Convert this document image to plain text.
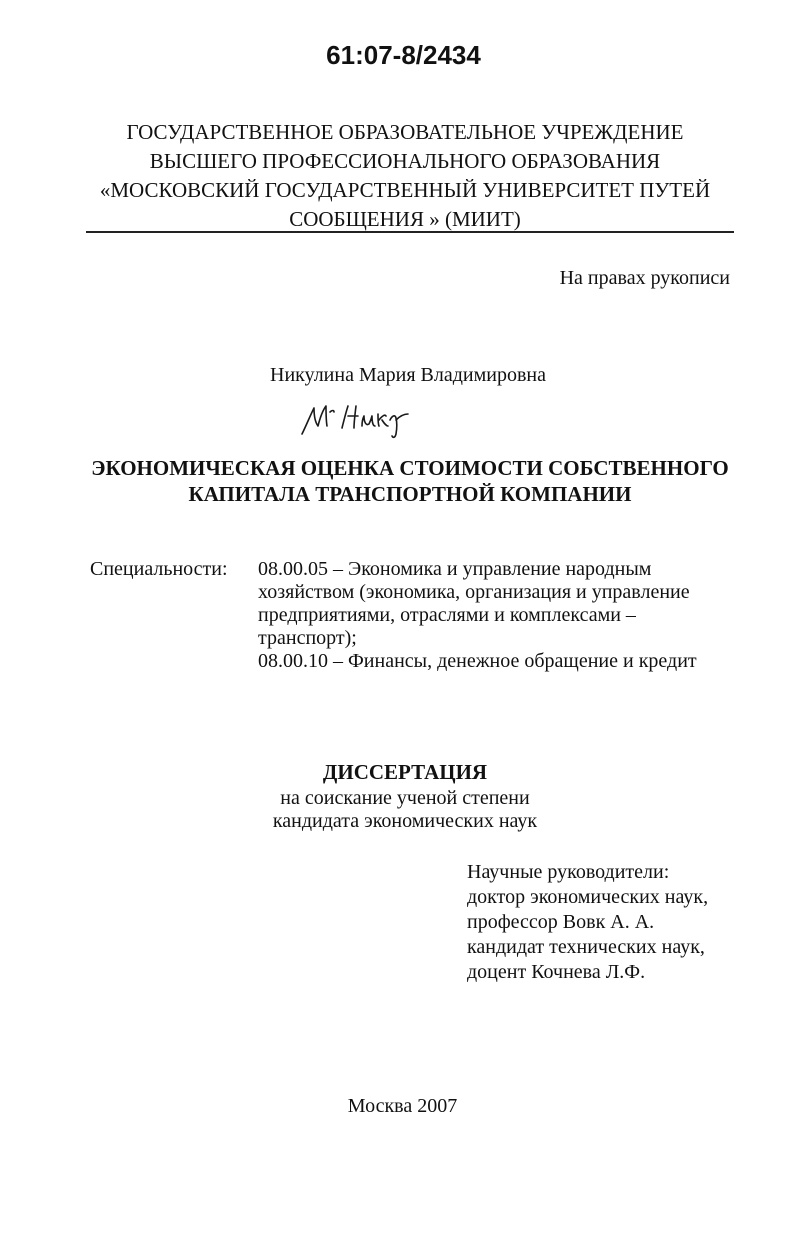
61:07-8/2434
ГОСУДАРСТВЕННОЕ ОБРАЗОВАТЕЛЬНОЕ УЧРЕЖДЕНИЕ
ВЫСШЕГО ПРОФЕССИОНАЛЬНОГО ОБРАЗОВАНИЯ
«МОСКОВСКИЙ ГОСУДАРСТВЕННЫЙ УНИВЕРСИТЕТ ПУТЕЙ
СООБЩЕНИЯ » (МИИТ)
На правах рукописи
Никулина Мария Владимировна
ЭКОНОМИЧЕСКАЯ ОЦЕНКА СТОИМОСТИ СОБСТВЕННОГО
КАПИТАЛА ТРАНСПОРТНОЙ КОМПАНИИ
Специальности: 08.00.05 – Экономика и управление народным
хозяйством (экономика, организация и управление
предприятиями, отраслями и комплексами –
транспорт);
08.00.10 – Финансы, денежное обращение и кредит
ДИССЕРТАЦИЯ
на соискание ученой степени
кандидата экономических наук
Научные руководители:
доктор экономических наук,
профессор Вовк А. А.
кандидат технических наук,
доцент Кочнева Л.Ф.
Москва 2007
